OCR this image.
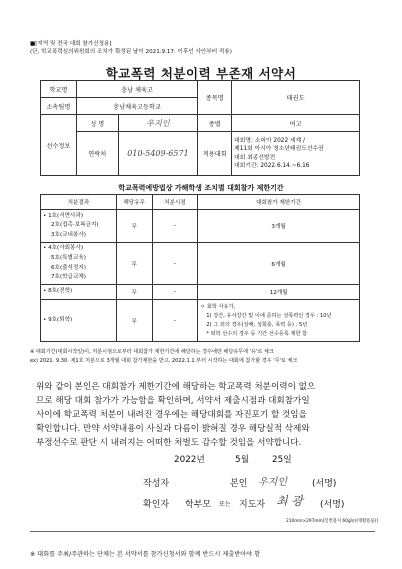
■[지역 및 전국 대회 참가신청용]
(단, 학교폭력심의위원회의 조치가 확정된 날이 2021.9.17. 이후인 사안부터 적용)
학교폭력 처분이력 부존재 서약서
학교명	충남 체육고		종목명	태권도
소속팀명	충남체육고등학교			
선수정보	성 명	우지인	종별	여고
	연락처	010-5409-6571	적용대회	대회명: 소피아 2022 세계 /
제11회 아시아 청소년태권도선수권
대회 최종선발전
대회기간: 2022.6.14.~6.16
학교폭력예방법상 가해학생 조치별 대회참가 제한기간
처분결과	해당유무	처분시점	대회참가 제한기간

• 1호(서면사과)
2호(접촉·보복금지)
3호(교내봉사)	무	–	3개월

• 4호(사회봉사)
5호(특별교육)
6호(출석정지)
7호(학급교체)	무	–	6개월

• 8호(전학)	무	–	12개월

• 9호(퇴학)	무	–	ㅇ 회학 사유가,
1) 강간, 유사강간 및 이에 준하는 성폭력인 경우 : 10년
2) 그 외의 경우(상해, 성희롱, 폭력 등) : 5년
* 퇴학 선수의 경우 등 기간 선수등록 제한 함
※ 대회기간(대회시작일)이, 처분시점으로부터 대회참가 제한기간에 해당하는 경우에만 해당유무에 '유'로 체크
ex) 2021. 9.30. 제1호 처분으로 3개월 대회 참가제한을 받고, 2022.1.1.부터 시작하는 대회에 참가할 경우 '무'로 체크
위와 같이 본인은 대회참가 제한기간에 해당하는 학교폭력 처분이력이 없으
므로 해당 대회 참가가 가능함을 확인하며, 서약서 제출시점과 대회참가일
사이에 학교폭력 처분이 내려진 경우에는 해당대회를 자진포기 할 것임을
확인합니다. 만약 서약내용이 사실과 다름이 밝혀질 경우 해당실적 삭제와
부정선수로 판단 시 내려지는 어떠한 처벌도 감수할 것임을 서약합니다.
2022년	5월	25일
작성자	본인 우지인	(서명)
확인자 학부모 또는 지도자 최 광 (서명)
210mm×297mm[일반용지 60g/㎡(재활용품)]
※ 대회를 주최/주관하는 단체는 본 서약서를 참가신청서와 함께 반드시 제출받아야 함
